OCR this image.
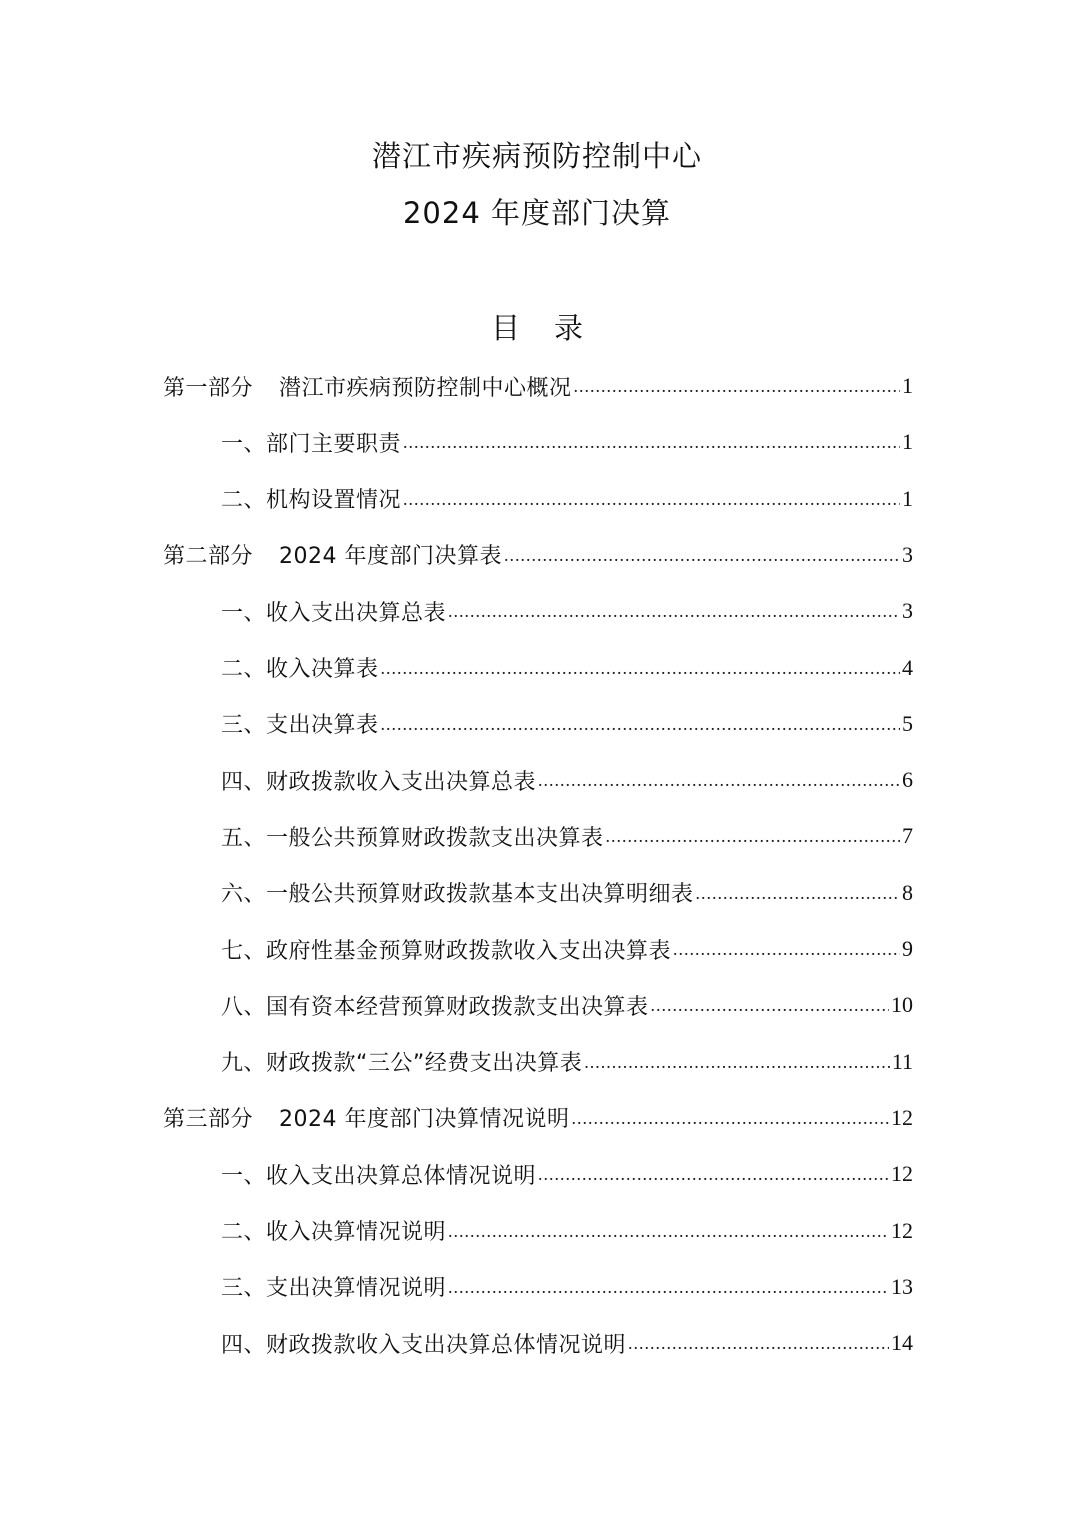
潜江市疾病预防控制中心
2024 年度部门决算
目录
第一部分 潜江市疾病预防控制中心概况 .....	1
一、部门主要职责 .....	1
二、机构设置情况 .....	1
第二部分 2024 年度部门决算表 .....	3
一、收入支出决算总表 .....	3
二、收入决算表 .....	4
三、支出决算表 .....	5
四、财政拨款收入支出决算总表 .....	6
五、一般公共预算财政拨款支出决算表 .....	7
六、一般公共预算财政拨款基本支出决算明细表 .....	8
七、政府性基金预算财政拨款收入支出决算表 .....	9
八、国有资本经营预算财政拨款支出决算表 .....	10
九、财政拨款“三公”经费支出决算表 .....	11
第三部分 2024 年度部门决算情况说明 .....	12
一、收入支出决算总体情况说明 .....	12
二、收入决算情况说明 .....	12
三、支出决算情况说明 .....	13
四、财政拨款收入支出决算总体情况说明 .....	14
